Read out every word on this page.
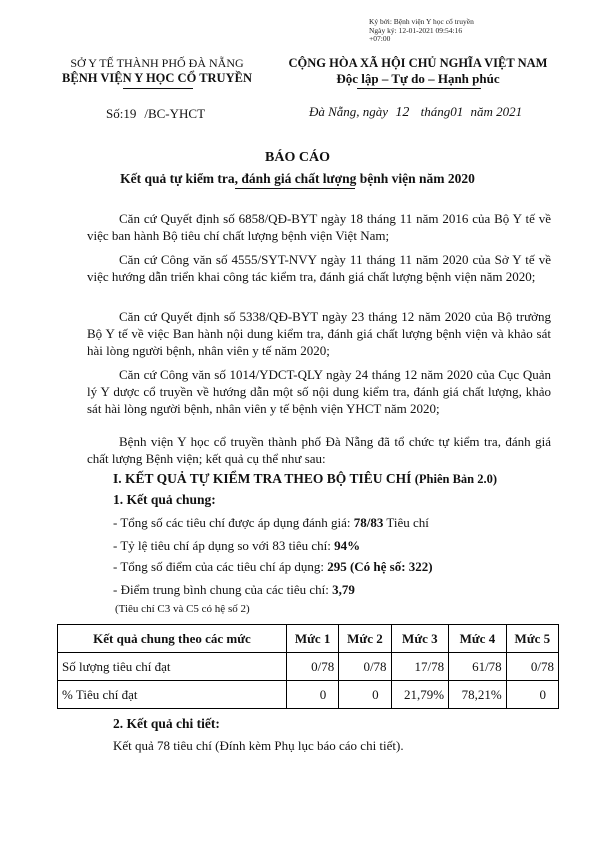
Ký bởi: Bệnh viện Y học cổ truyền
Ngày ký: 12-01-2021 09:54:16
+07:00
SỞ Y TẾ THÀNH PHỐ ĐÀ NẴNG
BỆNH VIỆN Y HỌC CỔ TRUYỀN
CỘNG HÒA XÃ HỘI CHỦ NGHĨA VIỆT NAM
Độc lập – Tự do – Hạnh phúc
Số:19 /BC-YHCT	Đà Nẵng, ngày 12 tháng01 năm 2021
BÁO CÁO
Kết quả tự kiểm tra, đánh giá chất lượng bệnh viện năm 2020
Căn cứ Quyết định số 6858/QĐ-BYT ngày 18 tháng 11 năm 2016 của Bộ Y tế về việc ban hành Bộ tiêu chí chất lượng bệnh viện Việt Nam;
Căn cứ Công văn số 4555/SYT-NVY ngày 11 tháng 11 năm 2020 của Sở Y tế về việc hướng dẫn triển khai công tác kiểm tra, đánh giá chất lượng bệnh viện năm 2020;
Căn cứ Quyết định số 5338/QĐ-BYT ngày 23 tháng 12 năm 2020 của Bộ trưởng Bộ Y tế về việc Ban hành nội dung kiểm tra, đánh giá chất lượng bệnh viện và khảo sát hài lòng người bệnh, nhân viên y tế năm 2020;
Căn cứ Công văn số 1014/YDCT-QLY ngày 24 tháng 12 năm 2020 của Cục Quản lý Y dược cổ truyền về hướng dẫn một số nội dung kiểm tra, đánh giá chất lượng, khảo sát hài lòng người bệnh, nhân viên y tế bệnh viện YHCT năm 2020;
Bệnh viện Y học cổ truyền thành phố Đà Nẵng đã tổ chức tự kiểm tra, đánh giá chất lượng Bệnh viện; kết quả cụ thể như sau:
I. KẾT QUẢ TỰ KIỂM TRA THEO BỘ TIÊU CHÍ (Phiên Bản 2.0)
1. Kết quả chung:
- Tổng số các tiêu chí được áp dụng đánh giá: 78/83 Tiêu chí
- Tỷ lệ tiêu chí áp dụng so với 83 tiêu chí: 94%
- Tổng số điểm của các tiêu chí áp dụng: 295 (Có hệ số: 322)
- Điểm trung bình chung của các tiêu chí: 3,79
(Tiêu chí C3 và C5 có hệ số 2)
Kết quả chung theo các mức	Mức 1	Mức 2	Mức 3	Mức 4	Mức 5
Số lượng tiêu chí đạt	0/78	0/78	17/78	61/78	0/78
% Tiêu chí đạt	0	0	21,79%	78,21%	0
2. Kết quả chi tiết:
Kết quả 78 tiêu chí (Đính kèm Phụ lục báo cáo chi tiết).
